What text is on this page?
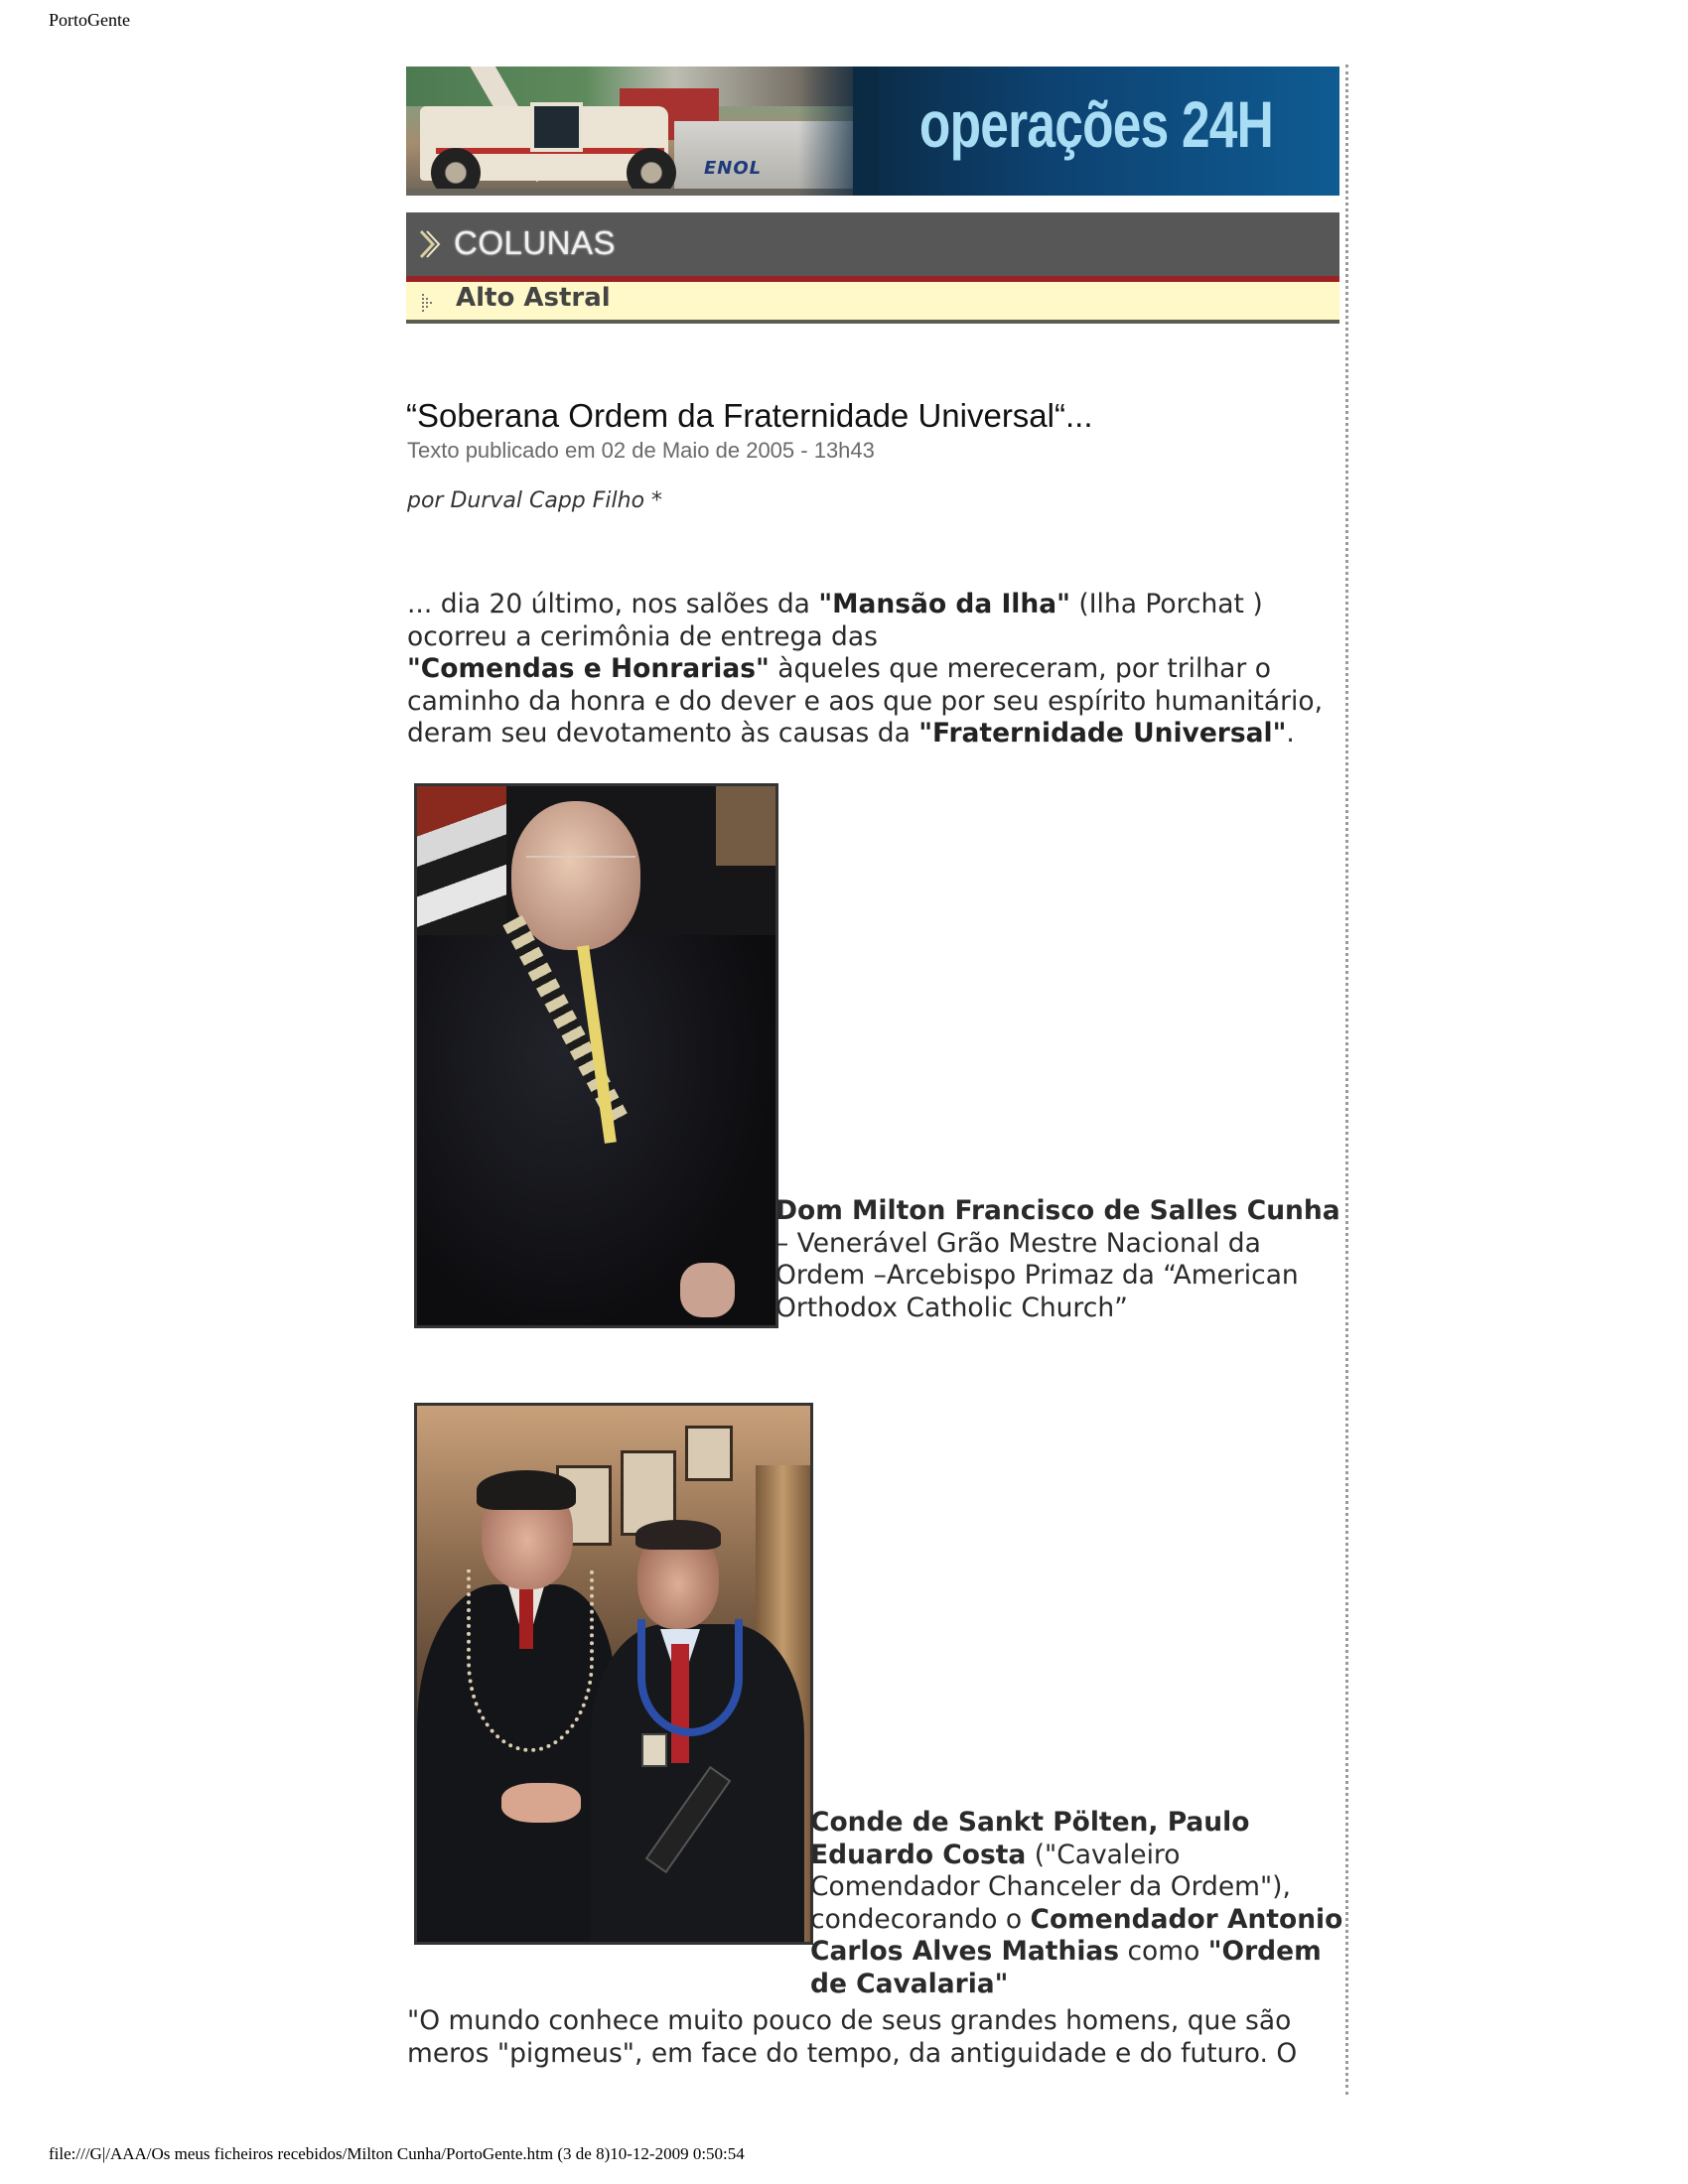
PortoGente
ENOL
operações 24H
COLUNAS
Alto Astral
“Soberana Ordem da Fraternidade Universal“...
Texto publicado em 02 de Maio de 2005 - 13h43
por Durval Capp Filho *
... dia 20 último, nos salões da "Mansão da Ilha" (Ilha Porchat ) ocorreu a cerimônia de entrega das
"Comendas e Honrarias" àqueles que mereceram, por trilhar o caminho da honra e do dever e aos que por seu espírito humanitário, deram seu devotamento às causas da "Fraternidade Universal".
Dom Milton Francisco de Salles Cunha – Venerável Grão Mestre Nacional da Ordem –Arcebispo Primaz da “American Orthodox Catholic Church”
Conde de Sankt Pölten, Paulo Eduardo Costa ("Cavaleiro Comendador Chanceler da Ordem"), condecorando o Comendador Antonio Carlos Alves Mathias como "Ordem de Cavalaria"
"O mundo conhece muito pouco de seus grandes homens, que são meros "pigmeus", em face do tempo, da antiguidade e do futuro. O
file:///G|/AAA/Os meus ficheiros recebidos/Milton Cunha/PortoGente.htm (3 de 8)10-12-2009 0:50:54
